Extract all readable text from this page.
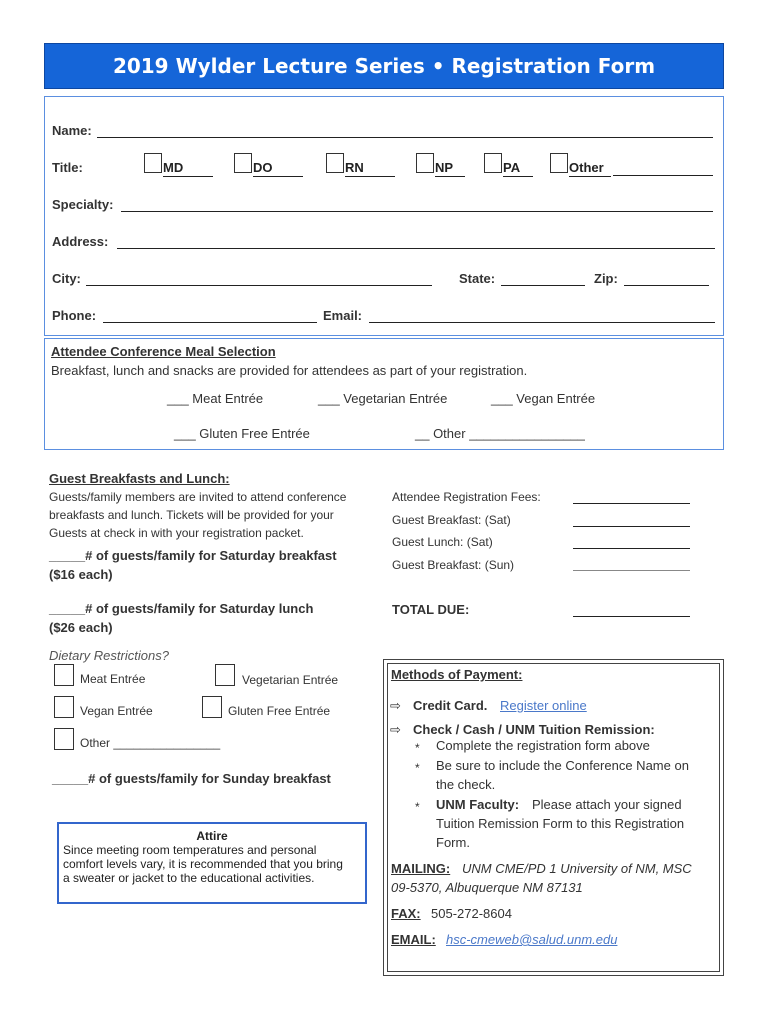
2019 Wylder Lecture Series • Registration Form
Name:
Title:	MD	DO	RN	NP	PA	Other
Specialty:
Address:
City:	State:	Zip:
Phone:	Email:
Attendee Conference Meal Selection
Breakfast, lunch and snacks are provided for attendees as part of your registration.
___ Meat Entrée	___ Vegetarian Entrée	___ Vegan Entrée
___ Gluten Free Entrée	__ Other ________________
Guest Breakfasts and Lunch:
Guests/family members are invited to attend conference
breakfasts and lunch. Tickets will be provided for your
Guests at check in with your registration packet.
_____# of guests/family for Saturday breakfast
($16 each)
_____# of guests/family for Saturday lunch
($26 each)
Dietary Restrictions?
Meat Entrée	Vegetarian Entrée
Vegan Entrée	Gluten Free Entrée
Other ________________
_____# of guests/family for Sunday breakfast
Attendee Registration Fees:
Guest Breakfast: (Sat)
Guest Lunch: (Sat)
Guest Breakfast: (Sun)
TOTAL DUE:
Attire
Since meeting room temperatures and personal
comfort levels vary, it is recommended that you bring
a sweater or jacket to the educational activities.
Methods of Payment:
⇨ Credit Card. Register online
⇨ Check / Cash / UNM Tuition Remission:
* Complete the registration form above
* Be sure to include the Conference Name on
the check.
* UNM Faculty: Please attach your signed
Tuition Remission Form to this Registration
Form.
MAILING: UNM CME/PD 1 University of NM, MSC
09-5370, Albuquerque NM 87131
FAX: 505-272-8604
EMAIL: hsc-cmeweb@salud.unm.edu
